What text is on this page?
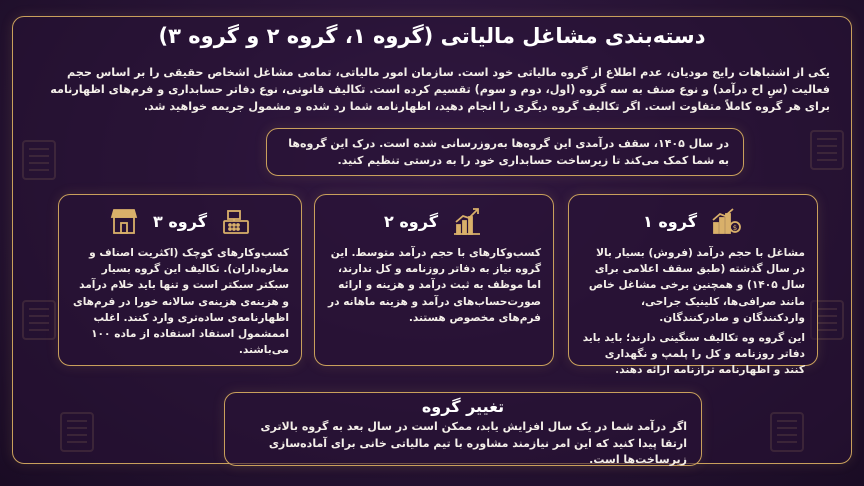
دسته‌بندی مشاغل مالیاتی (گروه ۱، گروه ۲ و گروه ۳)
یکی از اشتباهات رایج مودیان، عدم اطلاع از گروه مالیاتی خود است. سازمان امور مالیاتی، تمامی مشاغل اشخاص حقیقی را بر اساس حجم فعالیت (سِ اح درآمد) و نوع صنف به سه گروه (اول، دوم و سوم) تقسیم کرده است. تکالیف قانونی، نوع دفاتر حسابداری و فرم‌های اظهارنامه برای هر گروه کاملاً متفاوت است. اگر تکالیف گروه دیگری را انجام دهید، اظهارنامه شما رد شده و مشمول جریمه خواهید شد.
در سال ۱۴۰۵، سقف درآمدی این گروه‌ها به‌روزرسانی شده است. درک این گروه‌ها به شما کمک می‌کند تا زیرساخت حسابداری خود را به درستی تنظیم کنید.
$
گروه ۱
مشاغل با حجم درآمد (فروش) بسیار بالا در سال گذشته (طبق سقف اعلامی برای سال ۱۴۰۵) و همچنین برخی مشاغل خاص مانند صرافی‌ها، کلینیک جراحی، واردکنندگان و صادرکنندگان.
این گروه وه تکالیف سنگینی دارند؛ باید باید دفاتر روزنامه و کل را پلمپ و نگهداری کنند و اظهارنامه ترازنامه ارائه دهند.
گروه ۲
کسب‌وکارهای با حجم درآمد متوسط. این گروه نیاز به دفاتر روزنامه و کل ندارند، اما موظف به ثبت درآمد و هزینه و ارائه صورت‌حساب‌های درآمد و هزینه ماهانه در فرم‌های مخصوص هستند.
گروه ۳
کسب‌وکارهای کوچک (اکثریت اصناف و مغازه‌داران). تکالیف این گروه بسیار سبکتر سبکتر است و تنها باید خلام درآمد و هزینه‌ی هزینه‌ی سالانه خورا در فرم‌های اظهارنامه‌ی ساده‌تری وارد کنند. اغلب اممشمول استفاد استفاده از ماده ۱۰۰ می‌باشند.
تغییر گروه
اگر درآمد شما در یک سال افزایش یابد، ممکن است در سال بعد به گروه بالاتری ارتقا پیدا کنید که این امر نیازمند مشاوره با تیم مالیاتی خانی برای آماده‌سازی زیرساخت‌ها است.
